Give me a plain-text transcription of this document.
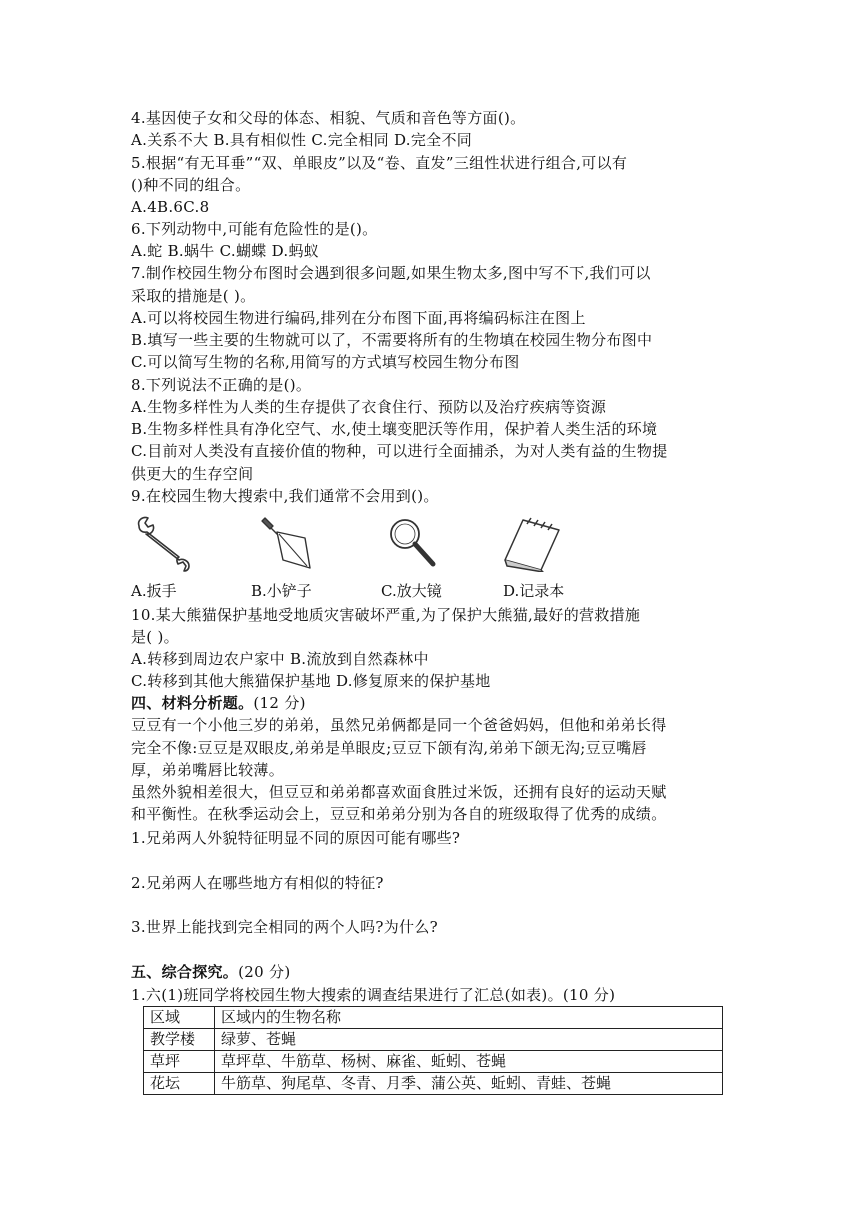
4.基因使子女和父母的体态、相貌、气质和音色等方面()。
A.关系不大 B.具有相似性 C.完全相同 D.完全不同
5.根据“有无耳垂”“双、单眼皮”以及“卷、直发”三组性状进行组合,可以有
()种不同的组合。
A.4B.6C.8
6.下列动物中,可能有危险性的是()。
A.蛇 B.蜗牛 C.蝴蝶 D.蚂蚁
7.制作校园生物分布图时会遇到很多问题,如果生物太多,图中写不下,我们可以
采取的措施是( )。
A.可以将校园生物进行编码,排列在分布图下面,再将编码标注在图上
B.填写一些主要的生物就可以了，不需要将所有的生物填在校园生物分布图中
C.可以简写生物的名称,用简写的方式填写校园生物分布图
8.下列说法不正确的是()。
A.生物多样性为人类的生存提供了衣食住行、预防以及治疗疾病等资源
B.生物多样性具有净化空气、水,使土壤变肥沃等作用，保护着人类生活的环境
C.目前对人类没有直接价值的物种，可以进行全面捕杀，为对人类有益的生物提
供更大的生存空间
9.在校园生物大搜索中,我们通常不会用到()。
A.扳手	B.小铲子	C.放大镜	D.记录本
10.某大熊猫保护基地受地质灾害破坏严重,为了保护大熊猫,最好的营救措施
是( )。
A.转移到周边农户家中 B.流放到自然森林中
C.转移到其他大熊猫保护基地 D.修复原来的保护基地
四、材料分析题。(12 分)
豆豆有一个小他三岁的弟弟，虽然兄弟俩都是同一个爸爸妈妈，但他和弟弟长得
完全不像:豆豆是双眼皮,弟弟是单眼皮;豆豆下颌有沟,弟弟下颌无沟;豆豆嘴唇
厚，弟弟嘴唇比较薄。
虽然外貌相差很大，但豆豆和弟弟都喜欢面食胜过米饭，还拥有良好的运动天赋
和平衡性。在秋季运动会上，豆豆和弟弟分别为各自的班级取得了优秀的成绩。
1.兄弟两人外貌特征明显不同的原因可能有哪些?
2.兄弟两人在哪些地方有相似的特征?
3.世界上能找到完全相同的两个人吗?为什么?
五、综合探究。(20 分)
1.六(1)班同学将校园生物大搜索的调查结果进行了汇总(如表)。(10 分)
区域	区域内的生物名称
教学楼	绿萝、苍蝇
草坪	草坪草、牛筋草、杨树、麻雀、蚯蚓、苍蝇
花坛	牛筋草、狗尾草、冬青、月季、蒲公英、蚯蚓、青蛙、苍蝇
